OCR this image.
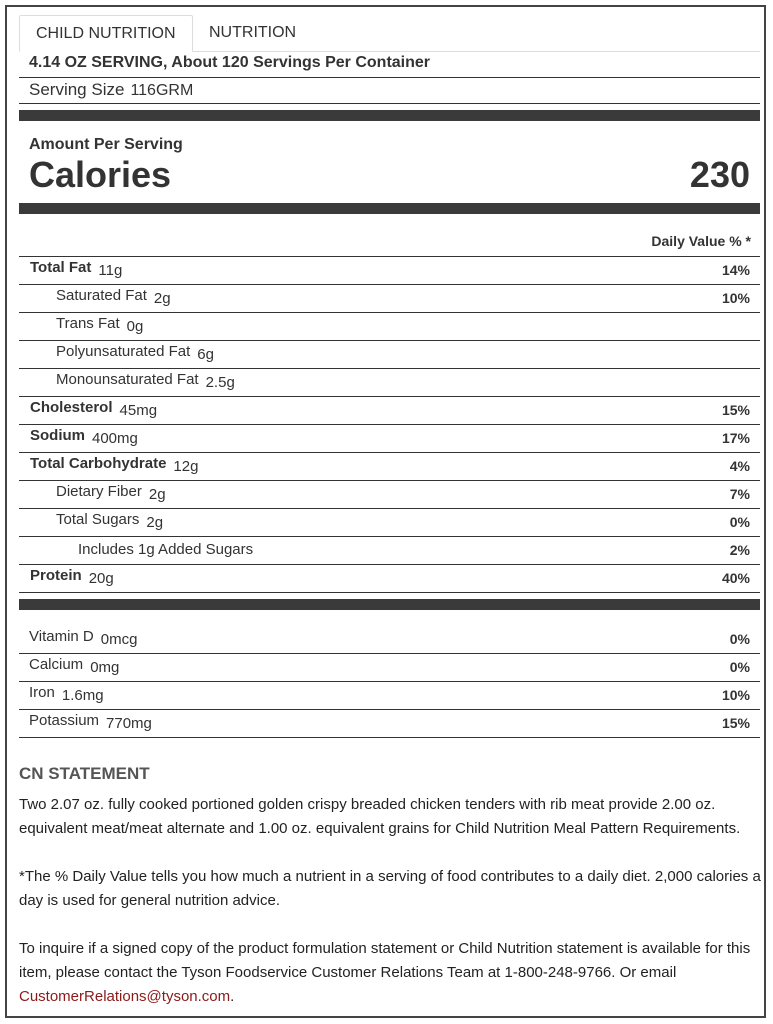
CHILD NUTRITION	NUTRITION
4.14 OZ SERVING, About 120 Servings Per Container
Serving Size 116GRM
Amount Per Serving
Calories	230
Daily Value % *
Total Fat 11g	14%
Saturated Fat 2g	10%
Trans Fat 0g
Polyunsaturated Fat 6g
Monounsaturated Fat 2.5g
Cholesterol 45mg	15%
Sodium 400mg	17%
Total Carbohydrate 12g	4%
Dietary Fiber 2g	7%
Total Sugars 2g	0%
Includes 1g Added Sugars	2%
Protein 20g	40%
Vitamin D 0mcg	0%
Calcium 0mg	0%
Iron 1.6mg	10%
Potassium 770mg	15%
CN STATEMENT
Two 2.07 oz. fully cooked portioned golden crispy breaded chicken tenders with rib meat provide 2.00 oz. equivalent meat/meat alternate and 1.00 oz. equivalent grains for Child Nutrition Meal Pattern Requirements.
*The % Daily Value tells you how much a nutrient in a serving of food contributes to a daily diet. 2,000 calories a day is used for general nutrition advice.
To inquire if a signed copy of the product formulation statement or Child Nutrition statement is available for this item, please contact the Tyson Foodservice Customer Relations Team at 1-800-248-9766. Or email CustomerRelations@tyson.com.
